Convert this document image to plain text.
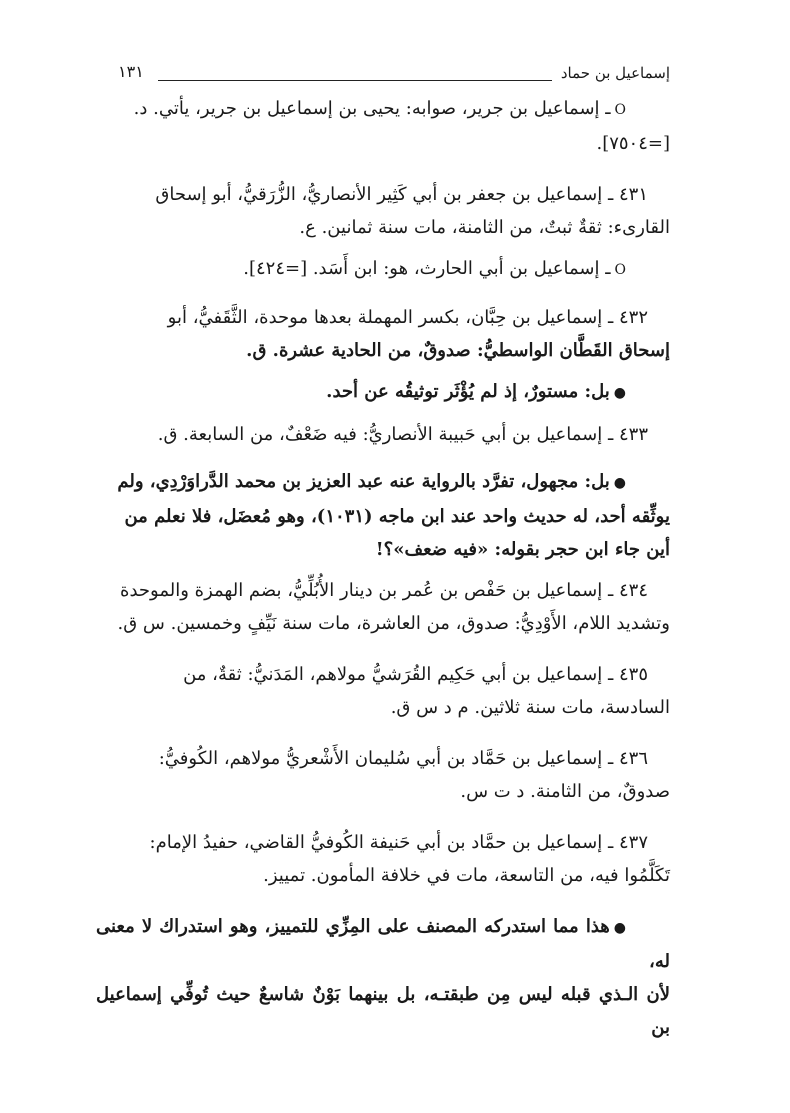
إسماعيل بن حماد
١٣١
Oـ إسماعيل بن جرير، صوابه: يحيى بن إسماعيل بن جرير، يأتي. د.
[=٧٥٠٤].
٤٣١ ـ إسماعيل بن جعفر بن أبي كَثِير الأنصاريُّ، الزُّرَقيُّ، أبو إسحاق
القارىء: ثقةٌ ثبتٌ، من الثامنة، مات سنة ثمانين. ع.
Oـ إسماعيل بن أبي الحارث، هو: ابن أَسَد. [=٤٢٤].
٤٣٢ ـ إسماعيل بن حِبَّان، بكسر المهملة بعدها موحدة، الثَّقَفيُّ، أبو
إسحاق القَطَّان الواسطيُّ: صدوقٌ، من الحادية عشرة. ق.
●بل: مستورٌ، إذ لم يُؤْثَر توثيقُه عن أحد.
٤٣٣ ـ إسماعيل بن أبي حَبيبة الأنصاريُّ: فيه ضَعْفٌ، من السابعة. ق.
●بل: مجهول، تفرَّد بالرواية عنه عبد العزيز بن محمد الدَّراوَرْدِي، ولم
يوثِّقه أحد، له حديث واحد عند ابن ماجه (١٠٣١)، وهو مُعضَل، فلا نعلم من
أين جاء ابن حجر بقوله: «فيه ضعف»؟!
٤٣٤ ـ إسماعيل بن حَفْص بن عُمر بن دينار الأُبُلِّيُّ، بضم الهمزة والموحدة
وتشديد اللام، الأَوْدِيُّ: صدوق، من العاشرة، مات سنة نَيِّفٍ وخمسين. س ق.
٤٣٥ ـ إسماعيل بن أبي حَكِيم القُرَشيُّ مولاهم، المَدَنيُّ: ثقةٌ، من
السادسة، مات سنة ثلاثين. م د س ق.
٤٣٦ ـ إسماعيل بن حَمَّاد بن أبي سُليمان الأَشْعريُّ مولاهم، الكُوفيُّ:
صدوقٌ، من الثامنة. د ت س.
٤٣٧ ـ إسماعيل بن حمَّاد بن أبي حَنيفة الكُوفيُّ القاضي، حفيدُ الإمام:
تَكَلَّمُوا فيه، من التاسعة، مات في خلافة المأمون. تمييز.
●هذا مما استدركه المصنف على المِزِّي للتمييز، وهو استدراك لا معنى له،
لأن الـذي قبله ليس مِن طبقتـه، بل بينهما بَوْنٌ شاسعٌ حيث تُوفِّي إسماعيل بن
